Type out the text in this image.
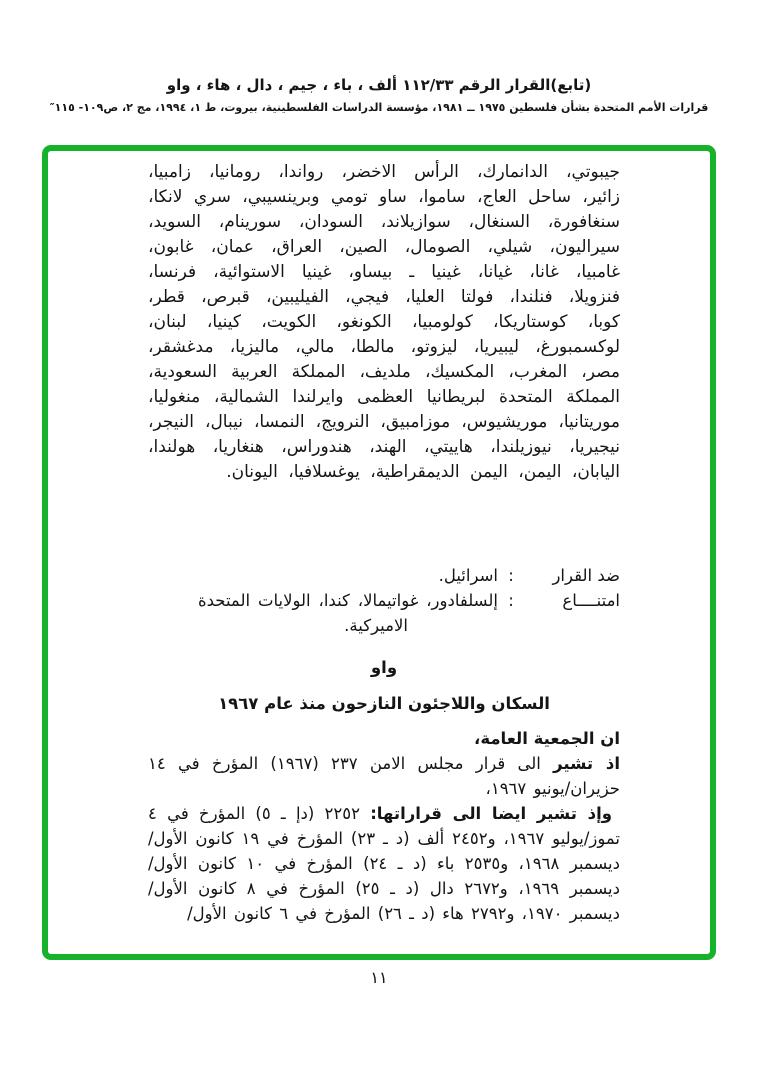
(تابع)القرار الرقم ١١٢/٣٣ ألف ، باء ، جيم ، دال ، هاء ، واو
قرارات الأمم المتحدة بشأن فلسطين ١٩٧٥ ــ ١٩٨١، مؤسسة الدراسات الفلسطينية، بيروت، ط ١، ١٩٩٤، مج ٢، ص١٠٩- ١١٥″

جيبوتي، الدانمارك، الرأس الاخضر، رواندا، رومانيا، زامبيا، زائير، ساحل العاج، ساموا، ساو تومي وبرينسيبي، سري لانكا، سنغافورة، السنغال، سوازيلاند، السودان، سورينام، السويد، سيراليون، شيلي، الصومال، الصين، العراق، عمان، غابون، غامبيا، غانا، غيانا، غينيا ـ بيساو، غينيا الاستوائية، فرنسا، فنزويلا، فنلندا، فولتا العليا، فيجي، الفيليبين، قبرص، قطر، كوبا، كوستاريكا، كولومبيا، الكونغو، الكويت، كينيا، لبنان، لوكسمبورغ، ليبيريا، ليزوتو، مالطا، مالي، ماليزيا، مدغشقر، مصر، المغرب، المكسيك، ملديف، المملكة العربية السعودية، المملكة المتحدة لبريطانيا العظمى وايرلندا الشمالية، منغوليا، موريتانيا، موريشيوس، موزامبيق، النرويج، النمسا، نيبال، النيجر، نيجيريا، نيوزيلندا، هاييتي، الهند، هندوراس، هنغاريا، هولندا، اليابان، اليمن، اليمن الديمقراطية، يوغسلافيا، اليونان.

ضد القرار
:
اسرائيل.
امتنــــاع
:
إلسلفادور، غواتيمالا، كندا، الولايات المتحدة
الاميركية.
واو
السكان واللاجئون النازحون منذ عام ١٩٦٧

ان الجمعية العامة،

اذ تشير الى قرار مجلس الامن ٢٣٧ (١٩٦٧) المؤرخ في ١٤ حزيران/يونيو ١٩٦٧،

وإذ تشير ايضا الى قراراتها: ٢٢٥٢ (دإ ـ ٥) المؤرخ في ٤ تموز/يوليو ١٩٦٧، و٢٤٥٢ ألف (د ـ ٢٣) المؤرخ في ١٩ كانون الأول/ديسمبر ١٩٦٨، و٢٥٣٥ باء (د ـ ٢٤) المؤرخ في ١٠ كانون الأول/ديسمبر ١٩٦٩، و٢٦٧٢ دال (د ـ ٢٥) المؤرخ في ٨ كانون الأول/ديسمبر ١٩٧٠، و٢٧٩٢ هاء (د ـ ٢٦) المؤرخ في ٦ كانون الأول/

١١
